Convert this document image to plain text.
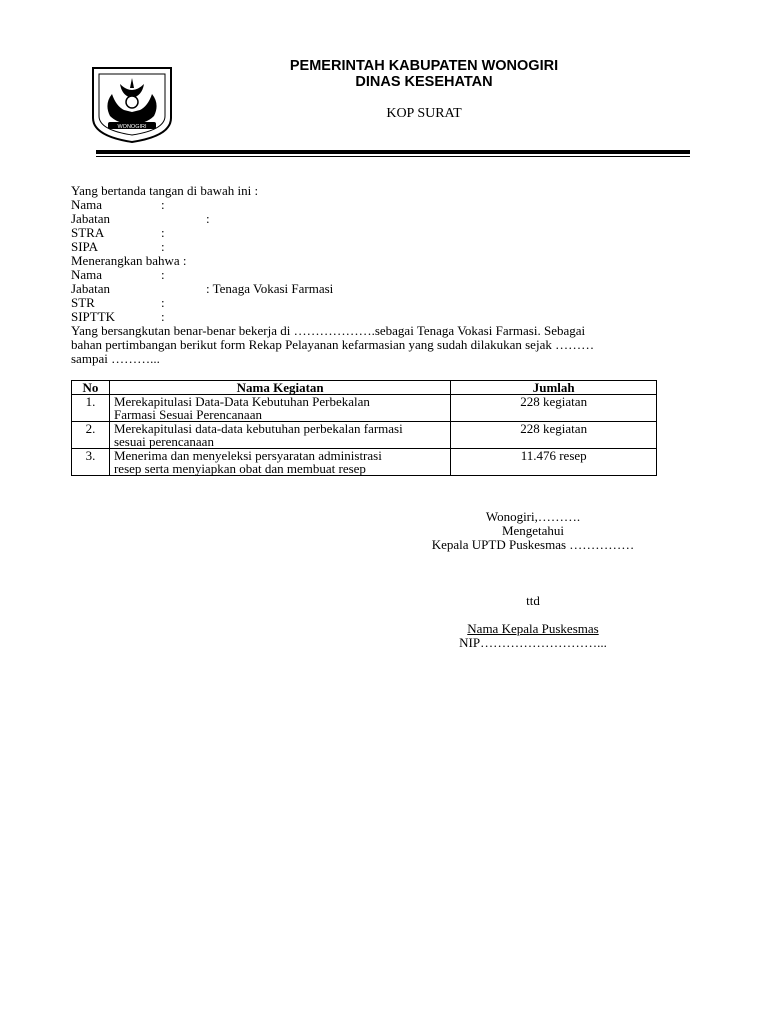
WONOGIRI
PEMERINTAH KABUPATEN WONOGIRI
DINAS KESEHATAN
KOP SURAT
Yang bertanda tangan di bawah ini :
Nama	:
Jabatan	:
STRA	:
SIPA	:
Menerangkan bahwa :
Nama	:
Jabatan	: Tenaga Vokasi Farmasi
STR	:
SIPTTK	:
Yang bersangkutan benar-benar bekerja di ……………….sebagai Tenaga Vokasi Farmasi. Sebagai
bahan pertimbangan berikut form Rekap Pelayanan kefarmasian yang sudah dilakukan sejak ………
sampai ………...
No	Nama Kegiatan	Jumlah
1.	Merekapitulasi Data-Data Kebutuhan Perbekalan
Farmasi Sesuai Perencanaan	228 kegiatan
2.	Merekapitulasi data-data kebutuhan perbekalan farmasi
sesuai perencanaan	228 kegiatan
3.	Menerima dan menyeleksi persyaratan administrasi
resep serta menyiapkan obat dan membuat resep	11.476 resep
Wonogiri,……….
Mengetahui
Kepala UPTD Puskesmas ……………
ttd
Nama Kepala Puskesmas
NIP………………………...
